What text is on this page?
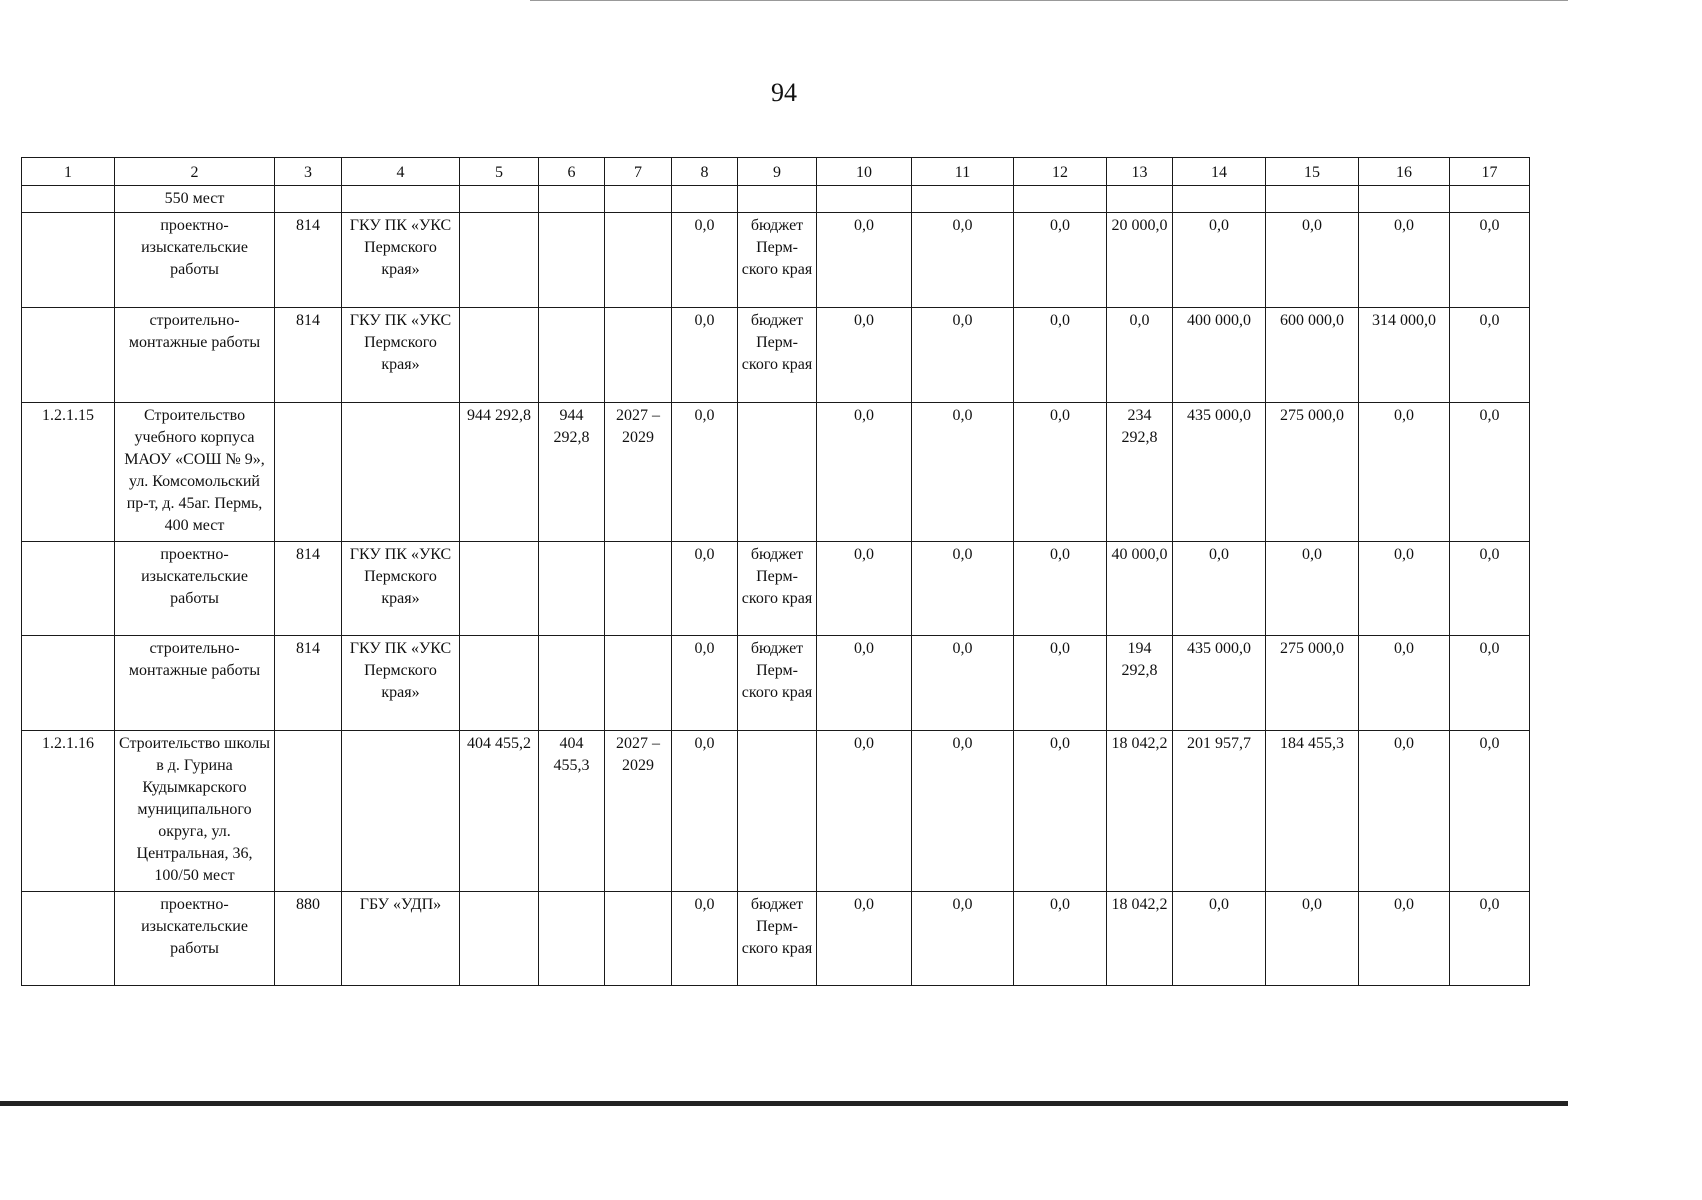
94
1	2	3	4	5	6	7	8	9	10	11	12	13	14	15	16	17
	550 мест															
	проектно-изыскательские работы	814	ГКУ ПК «УКС Пермского края»				0,0	бюджет Перм-ского края	0,0	0,0	0,0	20 000,0	0,0	0,0	0,0	0,0
	строительно-монтажные работы	814	ГКУ ПК «УКС Пермского края»				0,0	бюджет Перм-ского края	0,0	0,0	0,0	0,0	400 000,0	600 000,0	314 000,0	0,0
1.2.1.15	Строительство учебного корпуса МАОУ «СОШ № 9», ул. Комсомольский пр-т, д. 45аг. Пермь, 400 мест			944 292,8	944 292,8	2027 – 2029	0,0		0,0	0,0	0,0	234 292,8	435 000,0	275 000,0	0,0	0,0
	проектно-изыскательские работы	814	ГКУ ПК «УКС Пермского края»				0,0	бюджет Перм-ского края	0,0	0,0	0,0	40 000,0	0,0	0,0	0,0	0,0
	строительно-монтажные работы	814	ГКУ ПК «УКС Пермского края»				0,0	бюджет Перм-ского края	0,0	0,0	0,0	194 292,8	435 000,0	275 000,0	0,0	0,0
1.2.1.16	Строительство школы в д. Гурина Кудымкарского муниципального округа, ул. Центральная, 36, 100/50 мест			404 455,2	404 455,3	2027 – 2029	0,0		0,0	0,0	0,0	18 042,2	201 957,7	184 455,3	0,0	0,0
	проектно-изыскательские работы	880	ГБУ «УДП»				0,0	бюджет Перм-ского края	0,0	0,0	0,0	18 042,2	0,0	0,0	0,0	0,0
